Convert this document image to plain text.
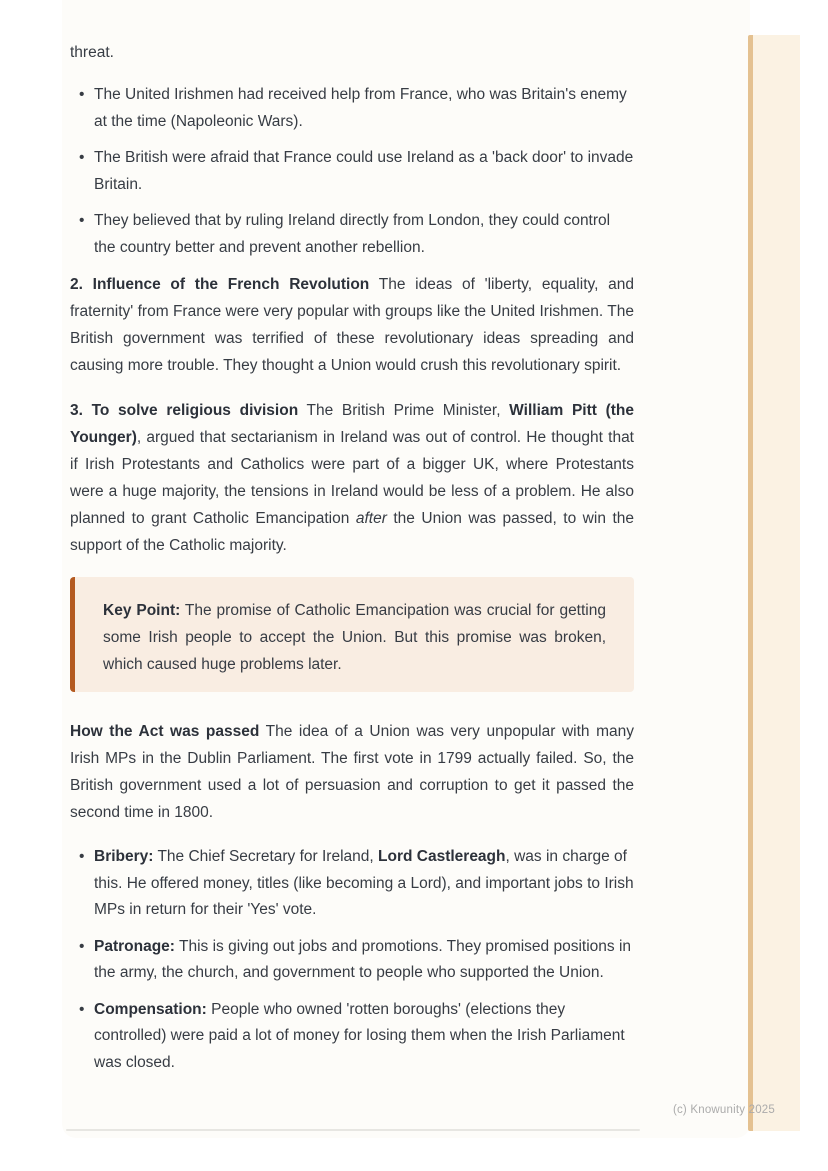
threat.

• The United Irishmen had received help from France, who was Britain's enemy at the time (Napoleonic Wars).
• The British were afraid that France could use Ireland as a 'back door' to invade Britain.
• They believed that by ruling Ireland directly from London, they could control the country better and prevent another rebellion.

2. Influence of the French Revolution The ideas of 'liberty, equality, and fraternity' from France were very popular with groups like the United Irishmen. The British government was terrified of these revolutionary ideas spreading and causing more trouble. They thought a Union would crush this revolutionary spirit.

3. To solve religious division The British Prime Minister, William Pitt (the Younger), argued that sectarianism in Ireland was out of control. He thought that if Irish Protestants and Catholics were part of a bigger UK, where Protestants were a huge majority, the tensions in Ireland would be less of a problem. He also planned to grant Catholic Emancipation after the Union was passed, to win the support of the Catholic majority.

Key Point: The promise of Catholic Emancipation was crucial for getting some Irish people to accept the Union. But this promise was broken, which caused huge problems later.

How the Act was passed The idea of a Union was very unpopular with many Irish MPs in the Dublin Parliament. The first vote in 1799 actually failed. So, the British government used a lot of persuasion and corruption to get it passed the second time in 1800.

• Bribery: The Chief Secretary for Ireland, Lord Castlereagh, was in charge of this. He offered money, titles (like becoming a Lord), and important jobs to Irish MPs in return for their 'Yes' vote.
• Patronage: This is giving out jobs and promotions. They promised positions in the army, the church, and government to people who supported the Union.
• Compensation: People who owned 'rotten boroughs' (elections they controlled) were paid a lot of money for losing them when the Irish Parliament was closed.
(c) Knowunity 2025
